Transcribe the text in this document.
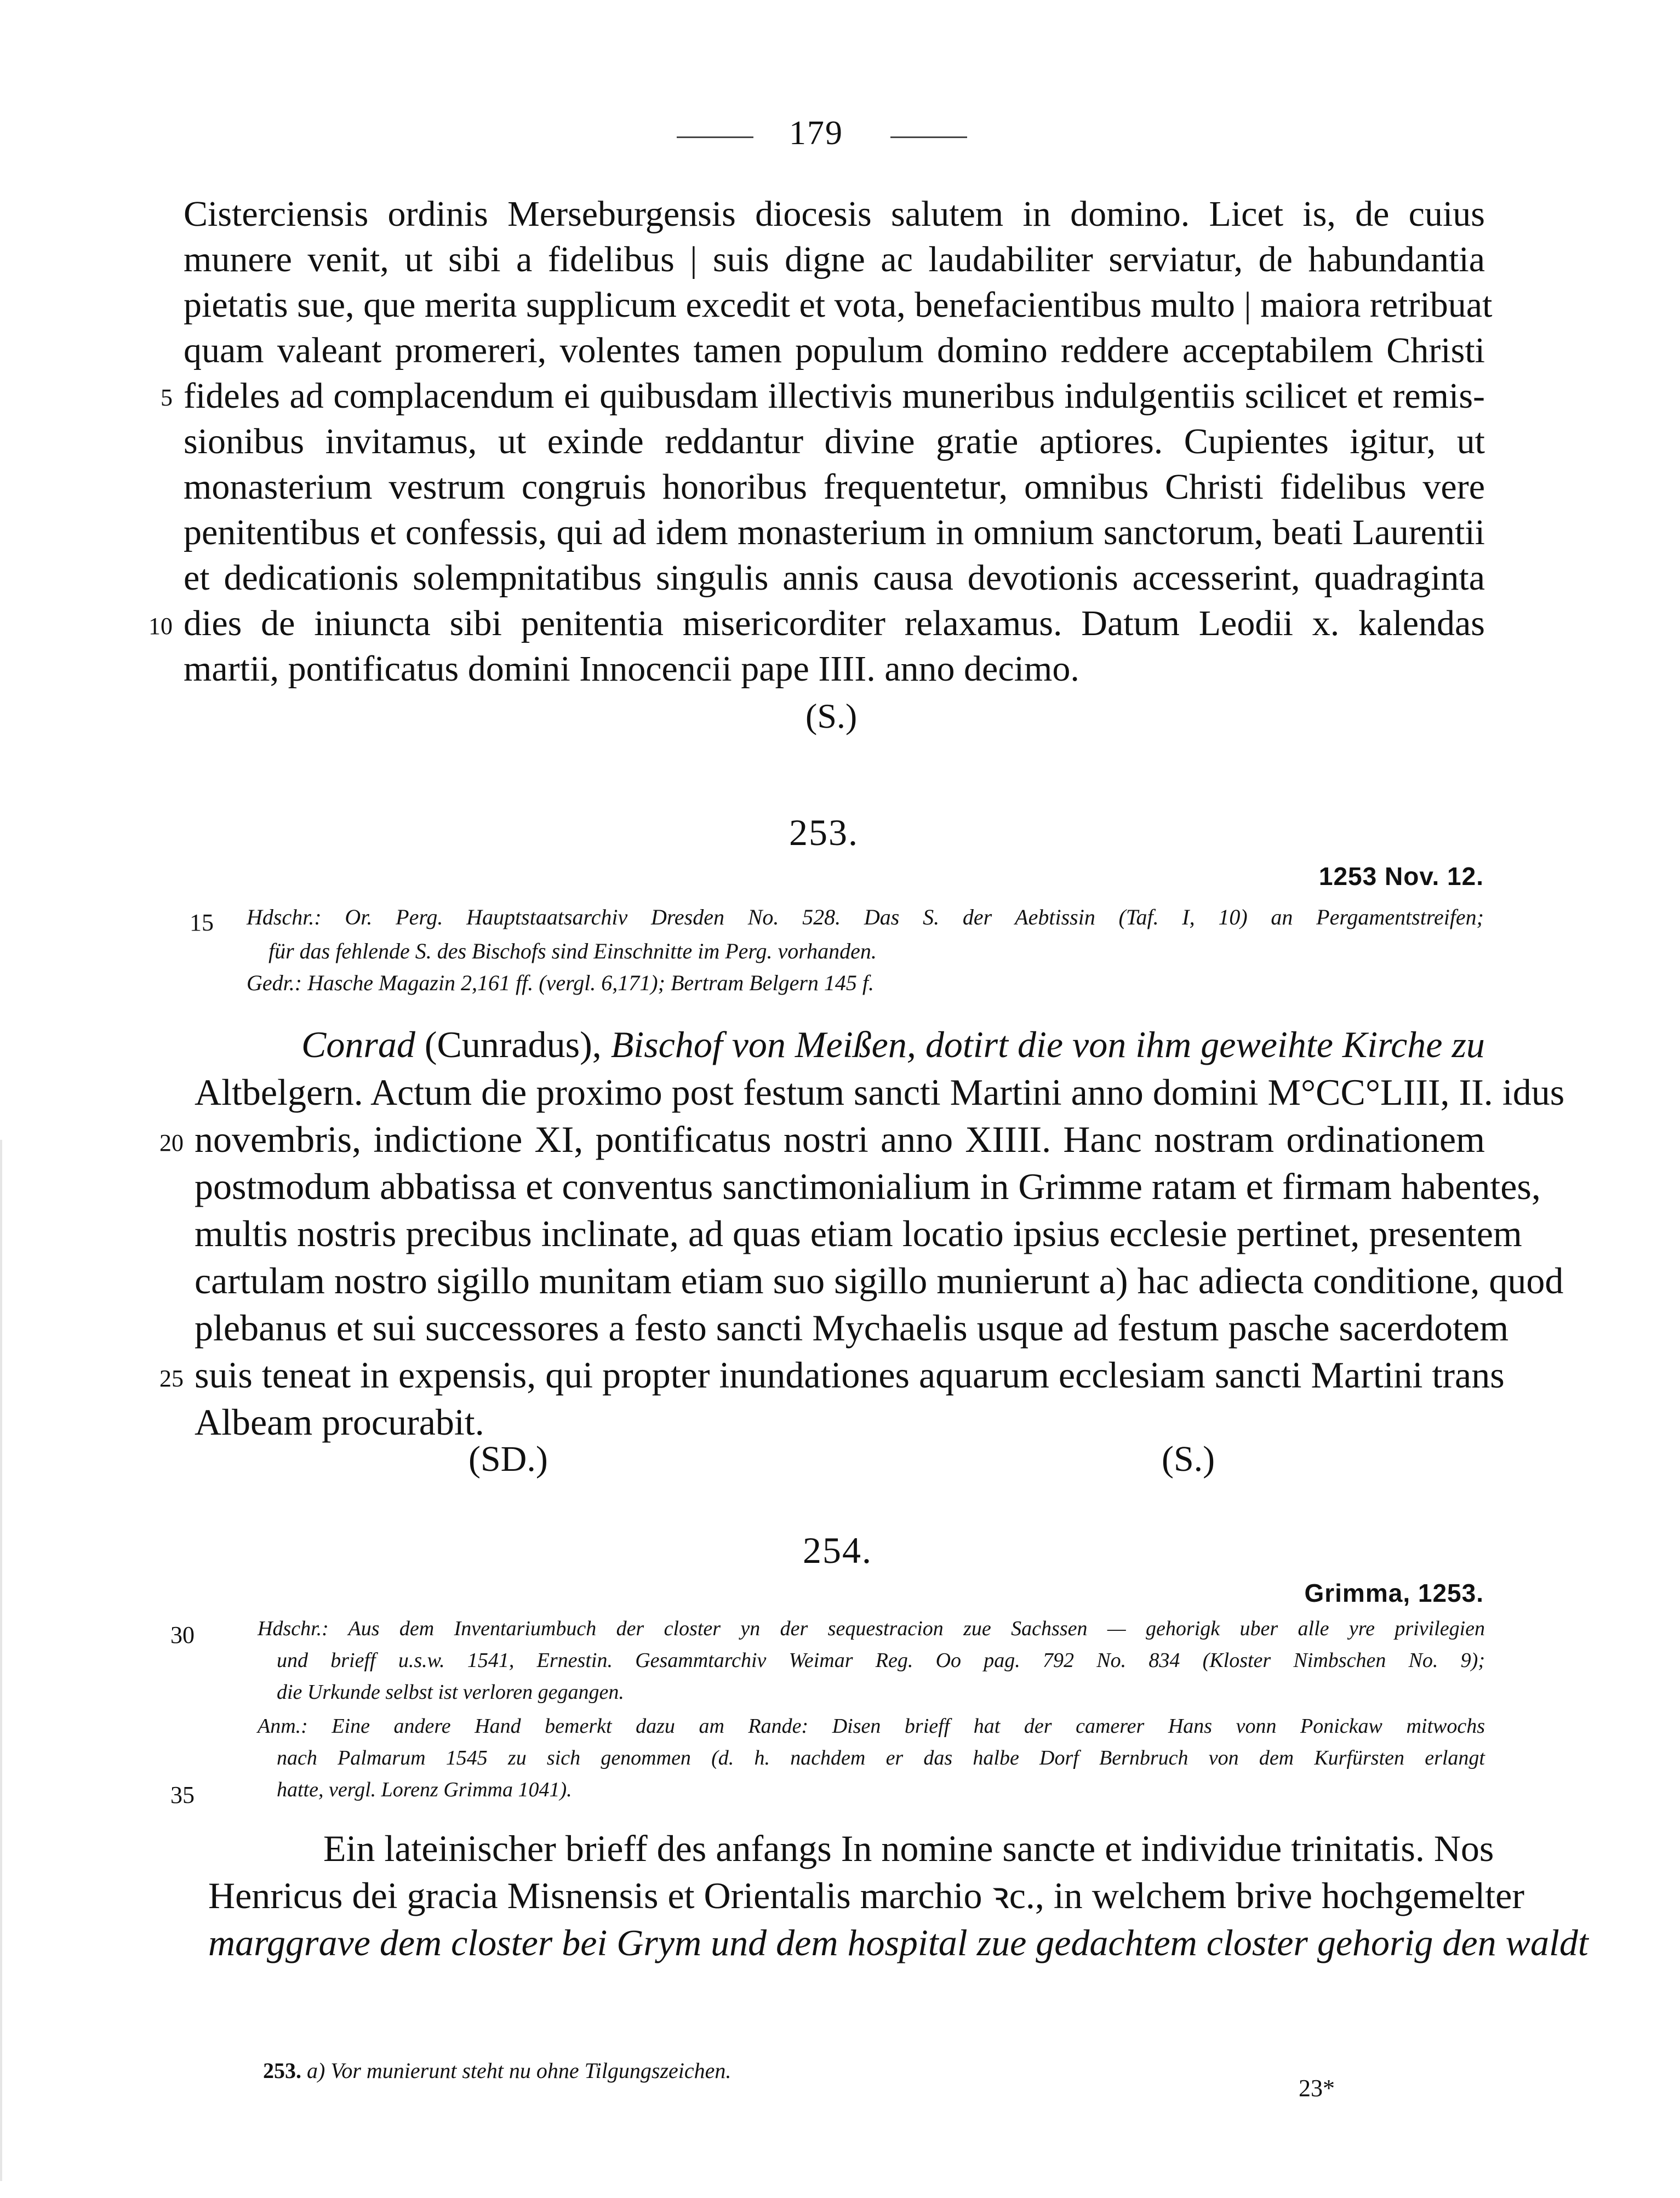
179
Cisterciensis ordinis Merseburgensis diocesis salutem in domino. Licet is, de cuius
munere venit, ut sibi a fidelibus | suis digne ac laudabiliter serviatur, de habundantia
pietatis sue, que merita supplicum excedit et vota, benefacientibus multo | maiora retribuat
quam valeant promereri, volentes tamen populum domino reddere acceptabilem Christi
fideles ad complacendum ei quibusdam illectivis muneribus indulgentiis scilicet et remis-
sionibus invitamus, ut exinde reddantur divine gratie aptiores. Cupientes igitur, ut
monasterium vestrum congruis honoribus frequentetur, omnibus Christi fidelibus vere
penitentibus et confessis, qui ad idem monasterium in omnium sanctorum, beati Laurentii
et dedicationis solempnitatibus singulis annis causa devotionis accesserint, quadraginta
dies de iniuncta sibi penitentia misericorditer relaxamus. Datum Leodii x. kalendas
martii, pontificatus domini Innocencii pape IIII. anno decimo.
5
10
(S.)
253.
1253 Nov. 12.
15 Hdschr.: Or. Perg. Hauptstaatsarchiv Dresden No. 528. Das S. der Aebtissin (Taf. I, 10) an Pergamentstreifen;
für das fehlende S. des Bischofs sind Einschnitte im Perg. vorhanden.
Gedr.: Hasche Magazin 2,161 ff. (vergl. 6,171); Bertram Belgern 145 f.
Conrad (Cunradus), Bischof von Meißen, dotirt die von ihm geweihte Kirche zu
Altbelgern. Actum die proximo post festum sancti Martini anno domini M°CC°LIII, II. idus
novembris, indictione XI, pontificatus nostri anno XIIII. Hanc nostram ordinationem
postmodum abbatissa et conventus sanctimonialium in Grimme ratam et firmam habentes,
multis nostris precibus inclinate, ad quas etiam locatio ipsius ecclesie pertinet, presentem
cartulam nostro sigillo munitam etiam suo sigillo munierunt a) hac adiecta conditione, quod
plebanus et sui successores a festo sancti Mychaelis usque ad festum pasche sacerdotem
suis teneat in expensis, qui propter inundationes aquarum ecclesiam sancti Martini trans
Albeam procurabit.
20
25
(SD.)	(S.)
254.
Grimma, 1253.
30	Hdschr.: Aus dem Inventariumbuch der closter yn der sequestracion zue Sachssen — gehorigk uber alle yre privilegien
und brieff u.s.w. 1541, Ernestin. Gesammtarchiv Weimar Reg. Oo pag. 792 No. 834 (Kloster Nimbschen No. 9);
die Urkunde selbst ist verloren gegangen.
Anm.: Eine andere Hand bemerkt dazu am Rande: Disen brieff hat der camerer Hans vonn Ponickaw mitwochs
nach Palmarum 1545 zu sich genommen (d. h. nachdem er das halbe Dorf Bernbruch von dem Kurfürsten erlangt
hatte, vergl. Lorenz Grimma 1041).
35
Ein lateinischer brieff des anfangs In nomine sancte et individue trinitatis. Nos
Henricus dei gracia Misnensis et Orientalis marchio ꝛc., in welchem brive hochgemelter
marggrave dem closter bei Grym und dem hospital zue gedachtem closter gehorig den waldt
253. a) Vor munierunt steht nu ohne Tilgungszeichen.
23*
